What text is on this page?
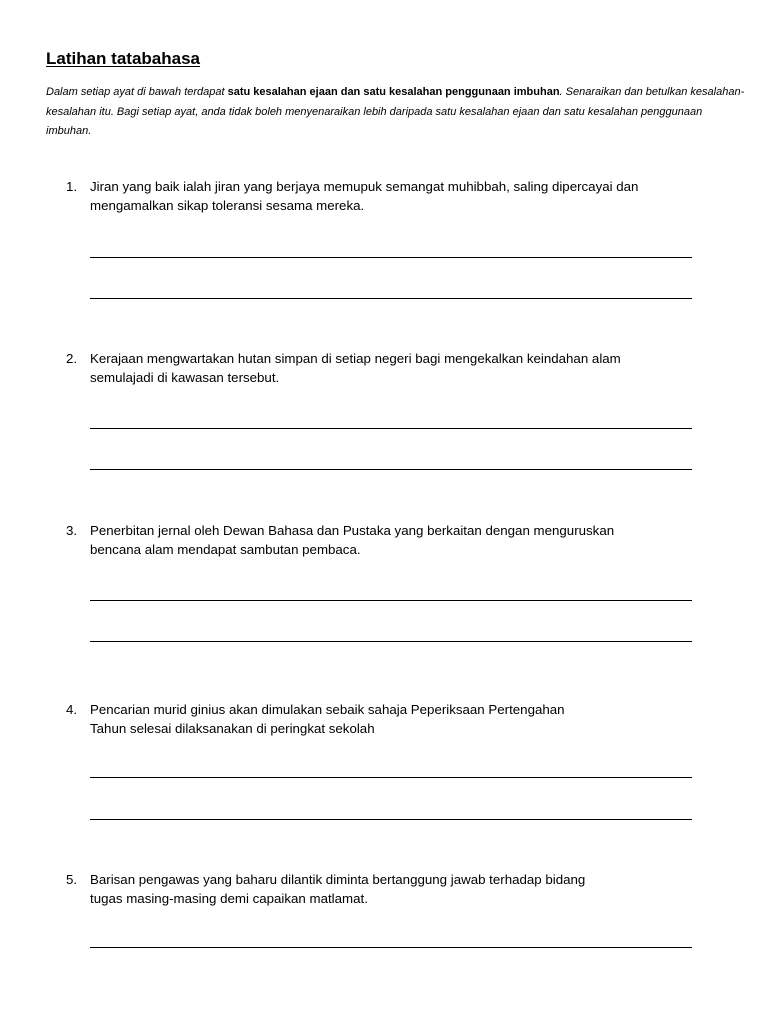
Latihan tatabahasa

Dalam setiap ayat di bawah terdapat satu kesalahan ejaan dan satu kesalahan penggunaan imbuhan. Senaraikan dan betulkan kesalahan-kesalahan itu. Bagi setiap ayat, anda tidak boleh menyenaraikan lebih daripada satu kesalahan ejaan dan satu kesalahan penggunaan imbuhan.

1. Jiran yang baik ialah jiran yang berjaya memupuk semangat muhibbah, saling dipercayai dan
mengamalkan sikap toleransi sesama mereka.
2. Kerajaan mengwartakan hutan simpan di setiap negeri bagi mengekalkan keindahan alam
semulajadi di kawasan tersebut.
3. Penerbitan jernal oleh Dewan Bahasa dan Pustaka yang berkaitan dengan menguruskan
bencana alam mendapat sambutan pembaca.
4. Pencarian murid ginius akan dimulakan sebaik sahaja Peperiksaan Pertengahan
Tahun selesai dilaksanakan di peringkat sekolah
5. Barisan pengawas yang baharu dilantik diminta bertanggung jawab terhadap bidang
tugas masing-masing demi capaikan matlamat.
